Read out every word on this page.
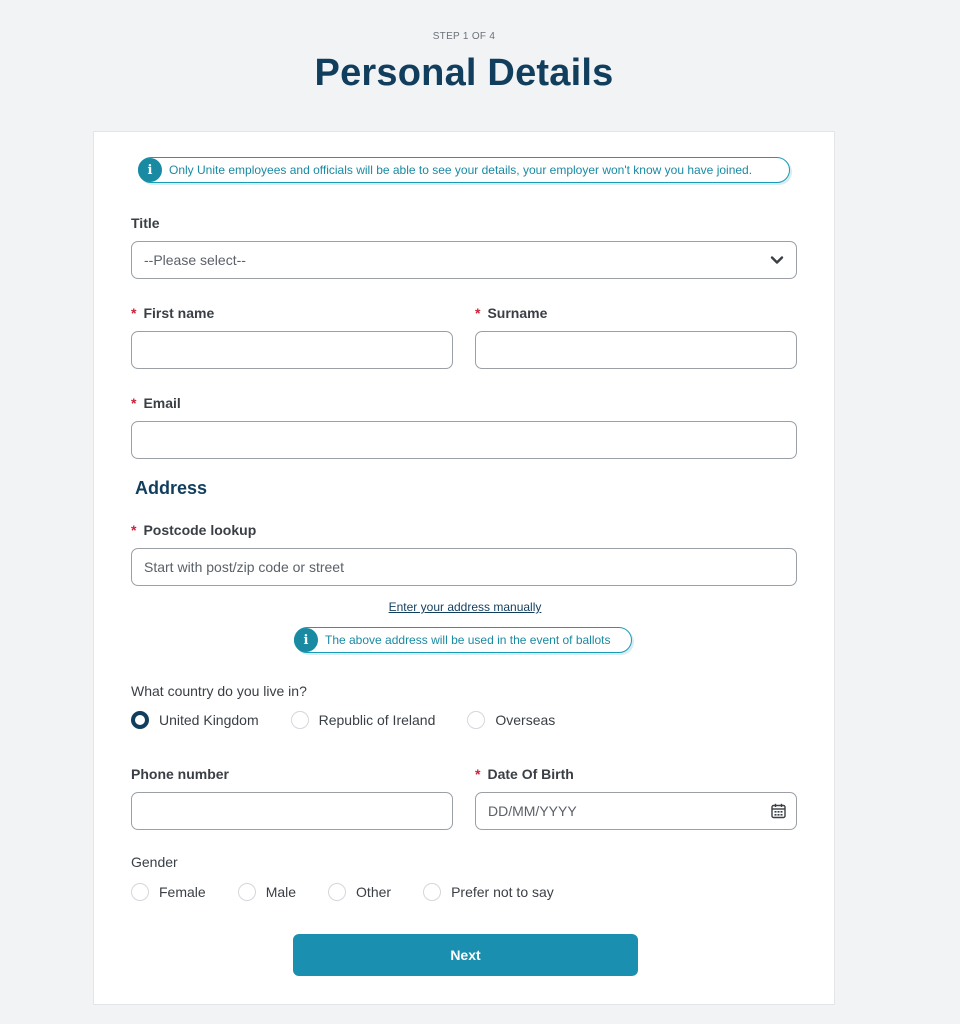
STEP 1 OF 4
Personal Details
i	Only Unite employees and officials will be able to see your details, your employer won't know you have joined.
Title
--Please select--
* First name	* Surname
* Email
Address
* Postcode lookup
Start with post/zip code or street
Enter your address manually
i	The above address will be used in the event of ballots
What country do you live in?
United Kingdom	Republic of Ireland	Overseas
Phone number	* Date Of Birth
DD/MM/YYYY
Gender
Female	Male	Other	Prefer not to say
Next
